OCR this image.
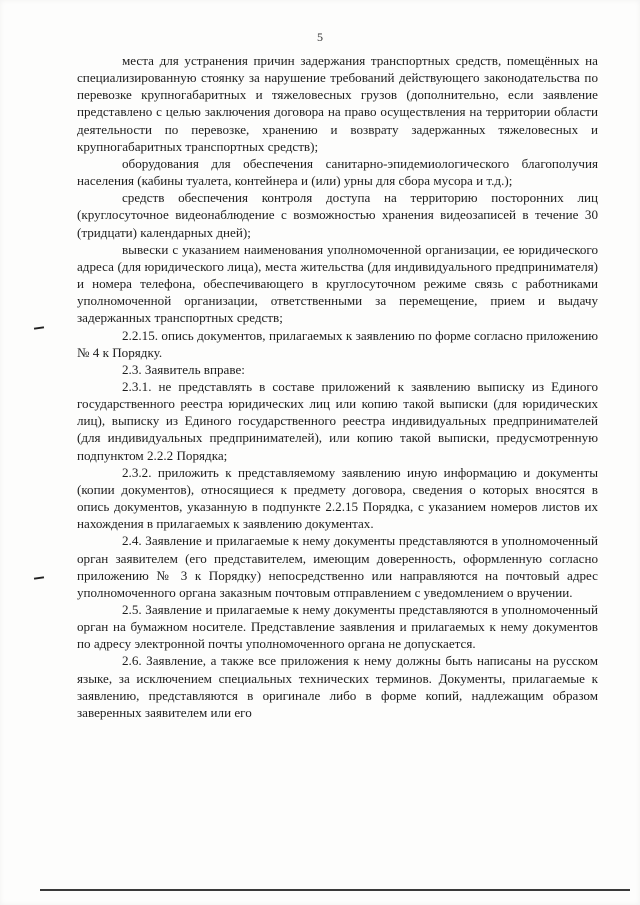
5

места для устранения причин задержания транспортных средств, помещённых на специализированную стоянку за нарушение требований действующего законодательства по перевозке крупногабаритных и тяжеловесных грузов (дополнительно, если заявление представлено с целью заключения договора на право осуществления на территории области деятельности по перевозке, хранению и возврату задержанных тяжеловесных и крупногабаритных транспортных средств);

оборудования для обеспечения санитарно-эпидемиологического благополучия населения (кабины туалета, контейнера и (или) урны для сбора мусора и т.д.);

средств обеспечения контроля доступа на территорию посторонних лиц (круглосуточное видеонаблюдение с возможностью хранения видеозаписей в течение 30 (тридцати) календарных дней);

вывески с указанием наименования уполномоченной организации, ее юридического адреса (для юридического лица), места жительства (для индивидуального предпринимателя) и номера телефона, обеспечивающего в круглосуточном режиме связь с работниками уполномоченной организации, ответственными за перемещение, прием и выдачу задержанных транспортных средств;

2.2.15. опись документов, прилагаемых к заявлению по форме согласно приложению № 4 к Порядку.

2.3. Заявитель вправе:

2.3.1. не представлять в составе приложений к заявлению выписку из Единого государственного реестра юридических лиц или копию такой выписки (для юридических лиц), выписку из Единого государственного реестра индивидуальных предпринимателей (для индивидуальных предпринимателей), или копию такой выписки, предусмотренную подпунктом 2.2.2 Порядка;

2.3.2. приложить к представляемому заявлению иную информацию и документы (копии документов), относящиеся к предмету договора, сведения о которых вносятся в опись документов, указанную в подпункте 2.2.15 Порядка, с указанием номеров листов их нахождения в прилагаемых к заявлению документах.

2.4. Заявление и прилагаемые к нему документы представляются в уполномоченный орган заявителем (его представителем, имеющим доверенность, оформленную согласно приложению № 3 к Порядку) непосредственно или направляются на почтовый адрес уполномоченного органа заказным почтовым отправлением с уведомлением о вручении.

2.5. Заявление и прилагаемые к нему документы представляются в уполномоченный орган на бумажном носителе. Представление заявления и прилагаемых к нему документов по адресу электронной почты уполномоченного органа не допускается.

2.6. Заявление, а также все приложения к нему должны быть написаны на русском языке, за исключением специальных технических терминов. Документы, прилагаемые к заявлению, представляются в оригинале либо в форме копий, надлежащим образом заверенных заявителем или его
